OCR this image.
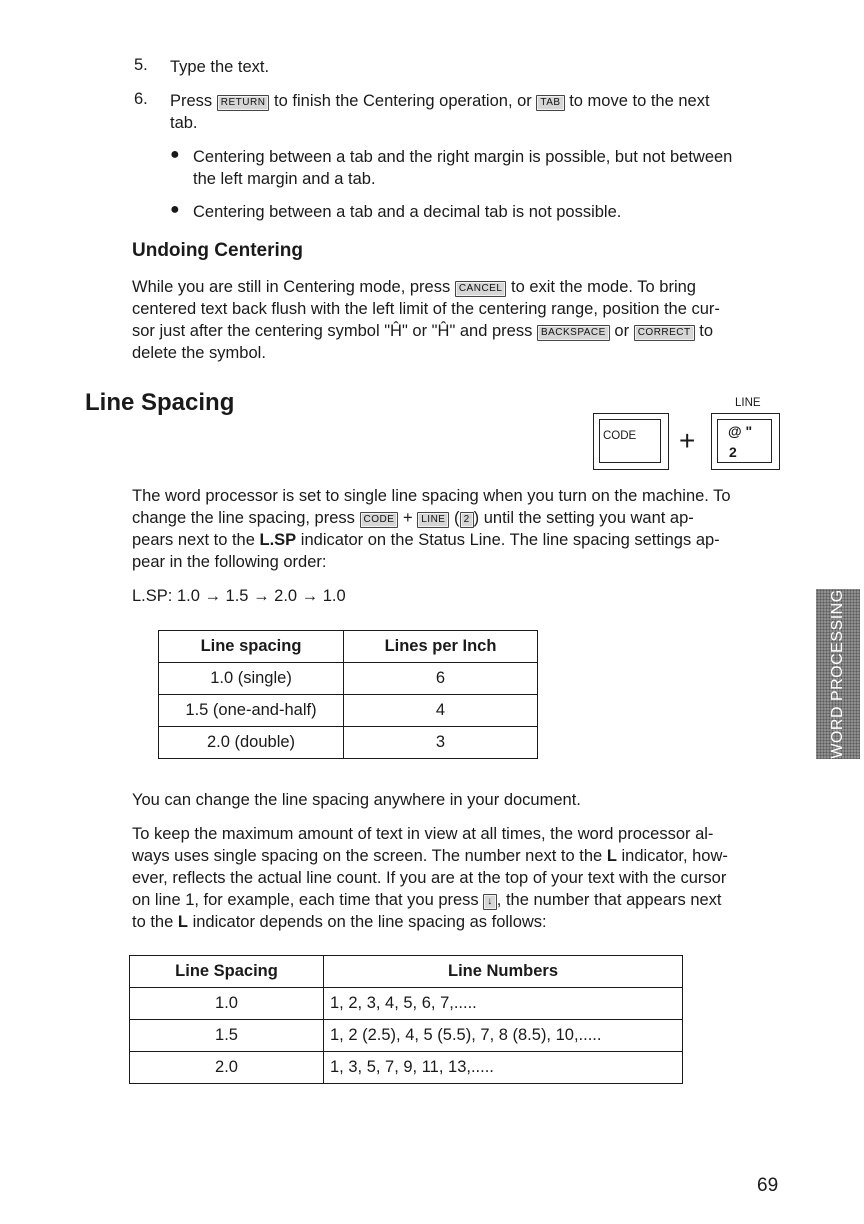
5. Type the text.
6. Press RETURN to finish the Centering operation, or TAB to move to the next
tab.
● Centering between a tab and the right margin is possible, but not between
the left margin and a tab.
● Centering between a tab and a decimal tab is not possible.
Undoing Centering
While you are still in Centering mode, press CANCEL to exit the mode. To bring
centered text back flush with the left limit of the centering range, position the cur-
sor just after the centering symbol "Ĥ" or "Ĥ" and press BACKSPACE or CORRECT to
delete the symbol.
Line Spacing
CODE +
LINE
@ "
2
The word processor is set to single line spacing when you turn on the machine. To
change the line spacing, press CODE + LINE ( 2 ) until the setting you want ap-
pears next to the L.SP indicator on the Status Line. The line spacing settings ap-
pear in the following order:
L.SP: 1.0 → 1.5 → 2.0 → 1.0
Line spacing	Lines per Inch
1.0 (single)	6
1.5 (one-and-half)	4
2.0 (double)	3	WORD PROCESSING
You can change the line spacing anywhere in your document.
To keep the maximum amount of text in view at all times, the word processor al-
ways uses single spacing on the screen. The number next to the L indicator, how-
ever, reflects the actual line count. If you are at the top of your text with the cursor
on line 1, for example, each time that you press ↓ , the number that appears next
to the L indicator depends on the line spacing as follows:
Line Spacing	Line Numbers
1.0	1, 2, 3, 4, 5, 6, 7,.....
1.5	1, 2 (2.5), 4, 5 (5.5), 7, 8 (8.5), 10,.....
2.0	1, 3, 5, 7, 9, 11, 13,.....
69
